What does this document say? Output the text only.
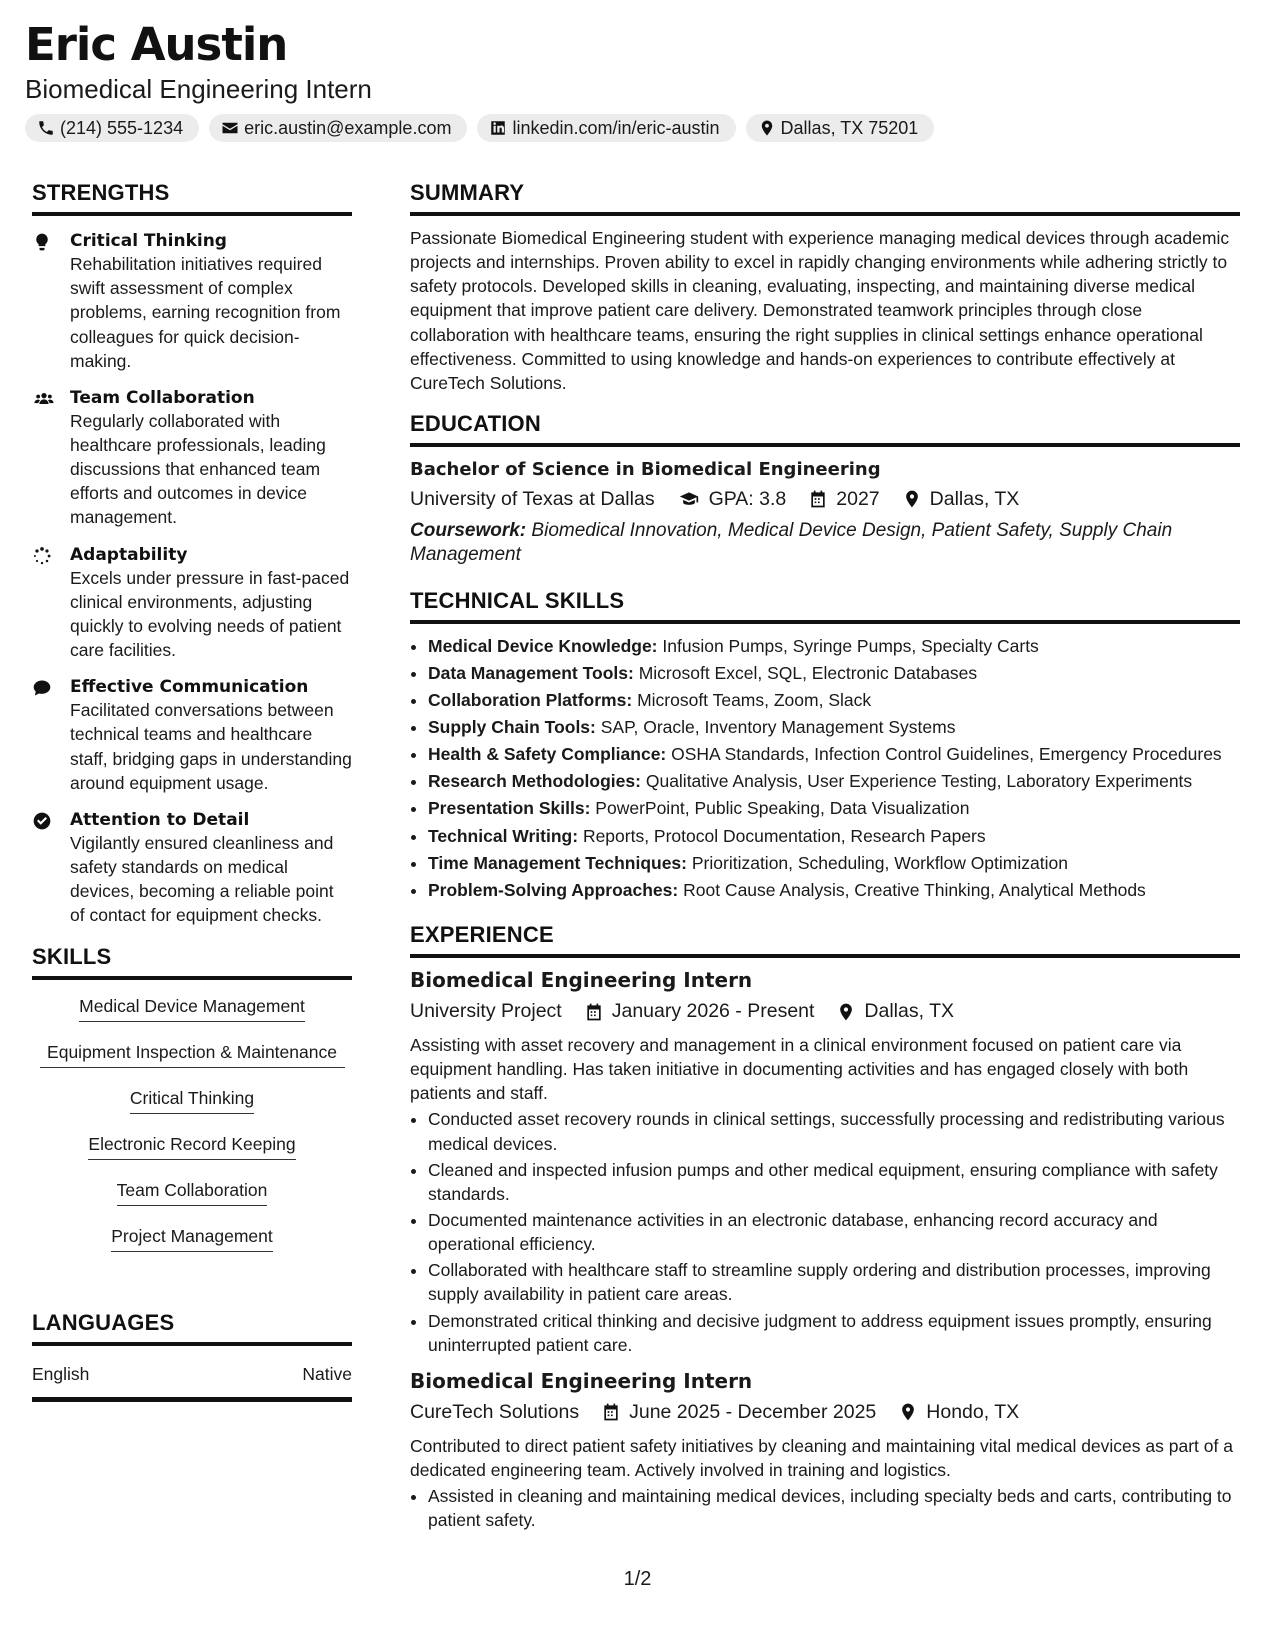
Eric Austin
Biomedical Engineering Intern
(214) 555-1234	eric.austin@example.com	linkedin.com/in/eric-austin	Dallas, TX 75201
STRENGTHS
Critical Thinking
Rehabilitation initiatives required swift assessment of complex problems, earning recognition from colleagues for quick decision-making.
Team Collaboration
Regularly collaborated with healthcare professionals, leading discussions that enhanced team efforts and outcomes in device management.
Adaptability
Excels under pressure in fast-paced clinical environments, adjusting quickly to evolving needs of patient care facilities.
Effective Communication
Facilitated conversations between technical teams and healthcare staff, bridging gaps in understanding around equipment usage.
Attention to Detail
Vigilantly ensured cleanliness and safety standards on medical devices, becoming a reliable point of contact for equipment checks.
SKILLS
Medical Device Management
Equipment Inspection & Maintenance
Critical Thinking
Electronic Record Keeping
Team Collaboration
Project Management
LANGUAGES
English	Native
SUMMARY
Passionate Biomedical Engineering student with experience managing medical devices through academic projects and internships. Proven ability to excel in rapidly changing environments while adhering strictly to safety protocols. Developed skills in cleaning, evaluating, inspecting, and maintaining diverse medical equipment that improve patient care delivery. Demonstrated teamwork principles through close collaboration with healthcare teams, ensuring the right supplies in clinical settings enhance operational effectiveness. Committed to using knowledge and hands-on experiences to contribute effectively at CureTech Solutions.
EDUCATION
Bachelor of Science in Biomedical Engineering
University of Texas at Dallas	GPA: 3.8	2027	Dallas, TX
Coursework: Biomedical Innovation, Medical Device Design, Patient Safety, Supply Chain Management
TECHNICAL SKILLS
• Medical Device Knowledge: Infusion Pumps, Syringe Pumps, Specialty Carts
• Data Management Tools: Microsoft Excel, SQL, Electronic Databases
• Collaboration Platforms: Microsoft Teams, Zoom, Slack
• Supply Chain Tools: SAP, Oracle, Inventory Management Systems
• Health & Safety Compliance: OSHA Standards, Infection Control Guidelines, Emergency Procedures
• Research Methodologies: Qualitative Analysis, User Experience Testing, Laboratory Experiments
• Presentation Skills: PowerPoint, Public Speaking, Data Visualization
• Technical Writing: Reports, Protocol Documentation, Research Papers
• Time Management Techniques: Prioritization, Scheduling, Workflow Optimization
• Problem-Solving Approaches: Root Cause Analysis, Creative Thinking, Analytical Methods
EXPERIENCE
Biomedical Engineering Intern
University Project	January 2026 - Present	Dallas, TX
Assisting with asset recovery and management in a clinical environment focused on patient care via equipment handling. Has taken initiative in documenting activities and has engaged closely with both patients and staff.
• Conducted asset recovery rounds in clinical settings, successfully processing and redistributing various medical devices.
• Cleaned and inspected infusion pumps and other medical equipment, ensuring compliance with safety standards.
• Documented maintenance activities in an electronic database, enhancing record accuracy and operational efficiency.
• Collaborated with healthcare staff to streamline supply ordering and distribution processes, improving supply availability in patient care areas.
• Demonstrated critical thinking and decisive judgment to address equipment issues promptly, ensuring uninterrupted patient care.
Biomedical Engineering Intern
CureTech Solutions	June 2025 - December 2025	Hondo, TX
Contributed to direct patient safety initiatives by cleaning and maintaining vital medical devices as part of a dedicated engineering team. Actively involved in training and logistics.
• Assisted in cleaning and maintaining medical devices, including specialty beds and carts, contributing to patient safety.
1/2
